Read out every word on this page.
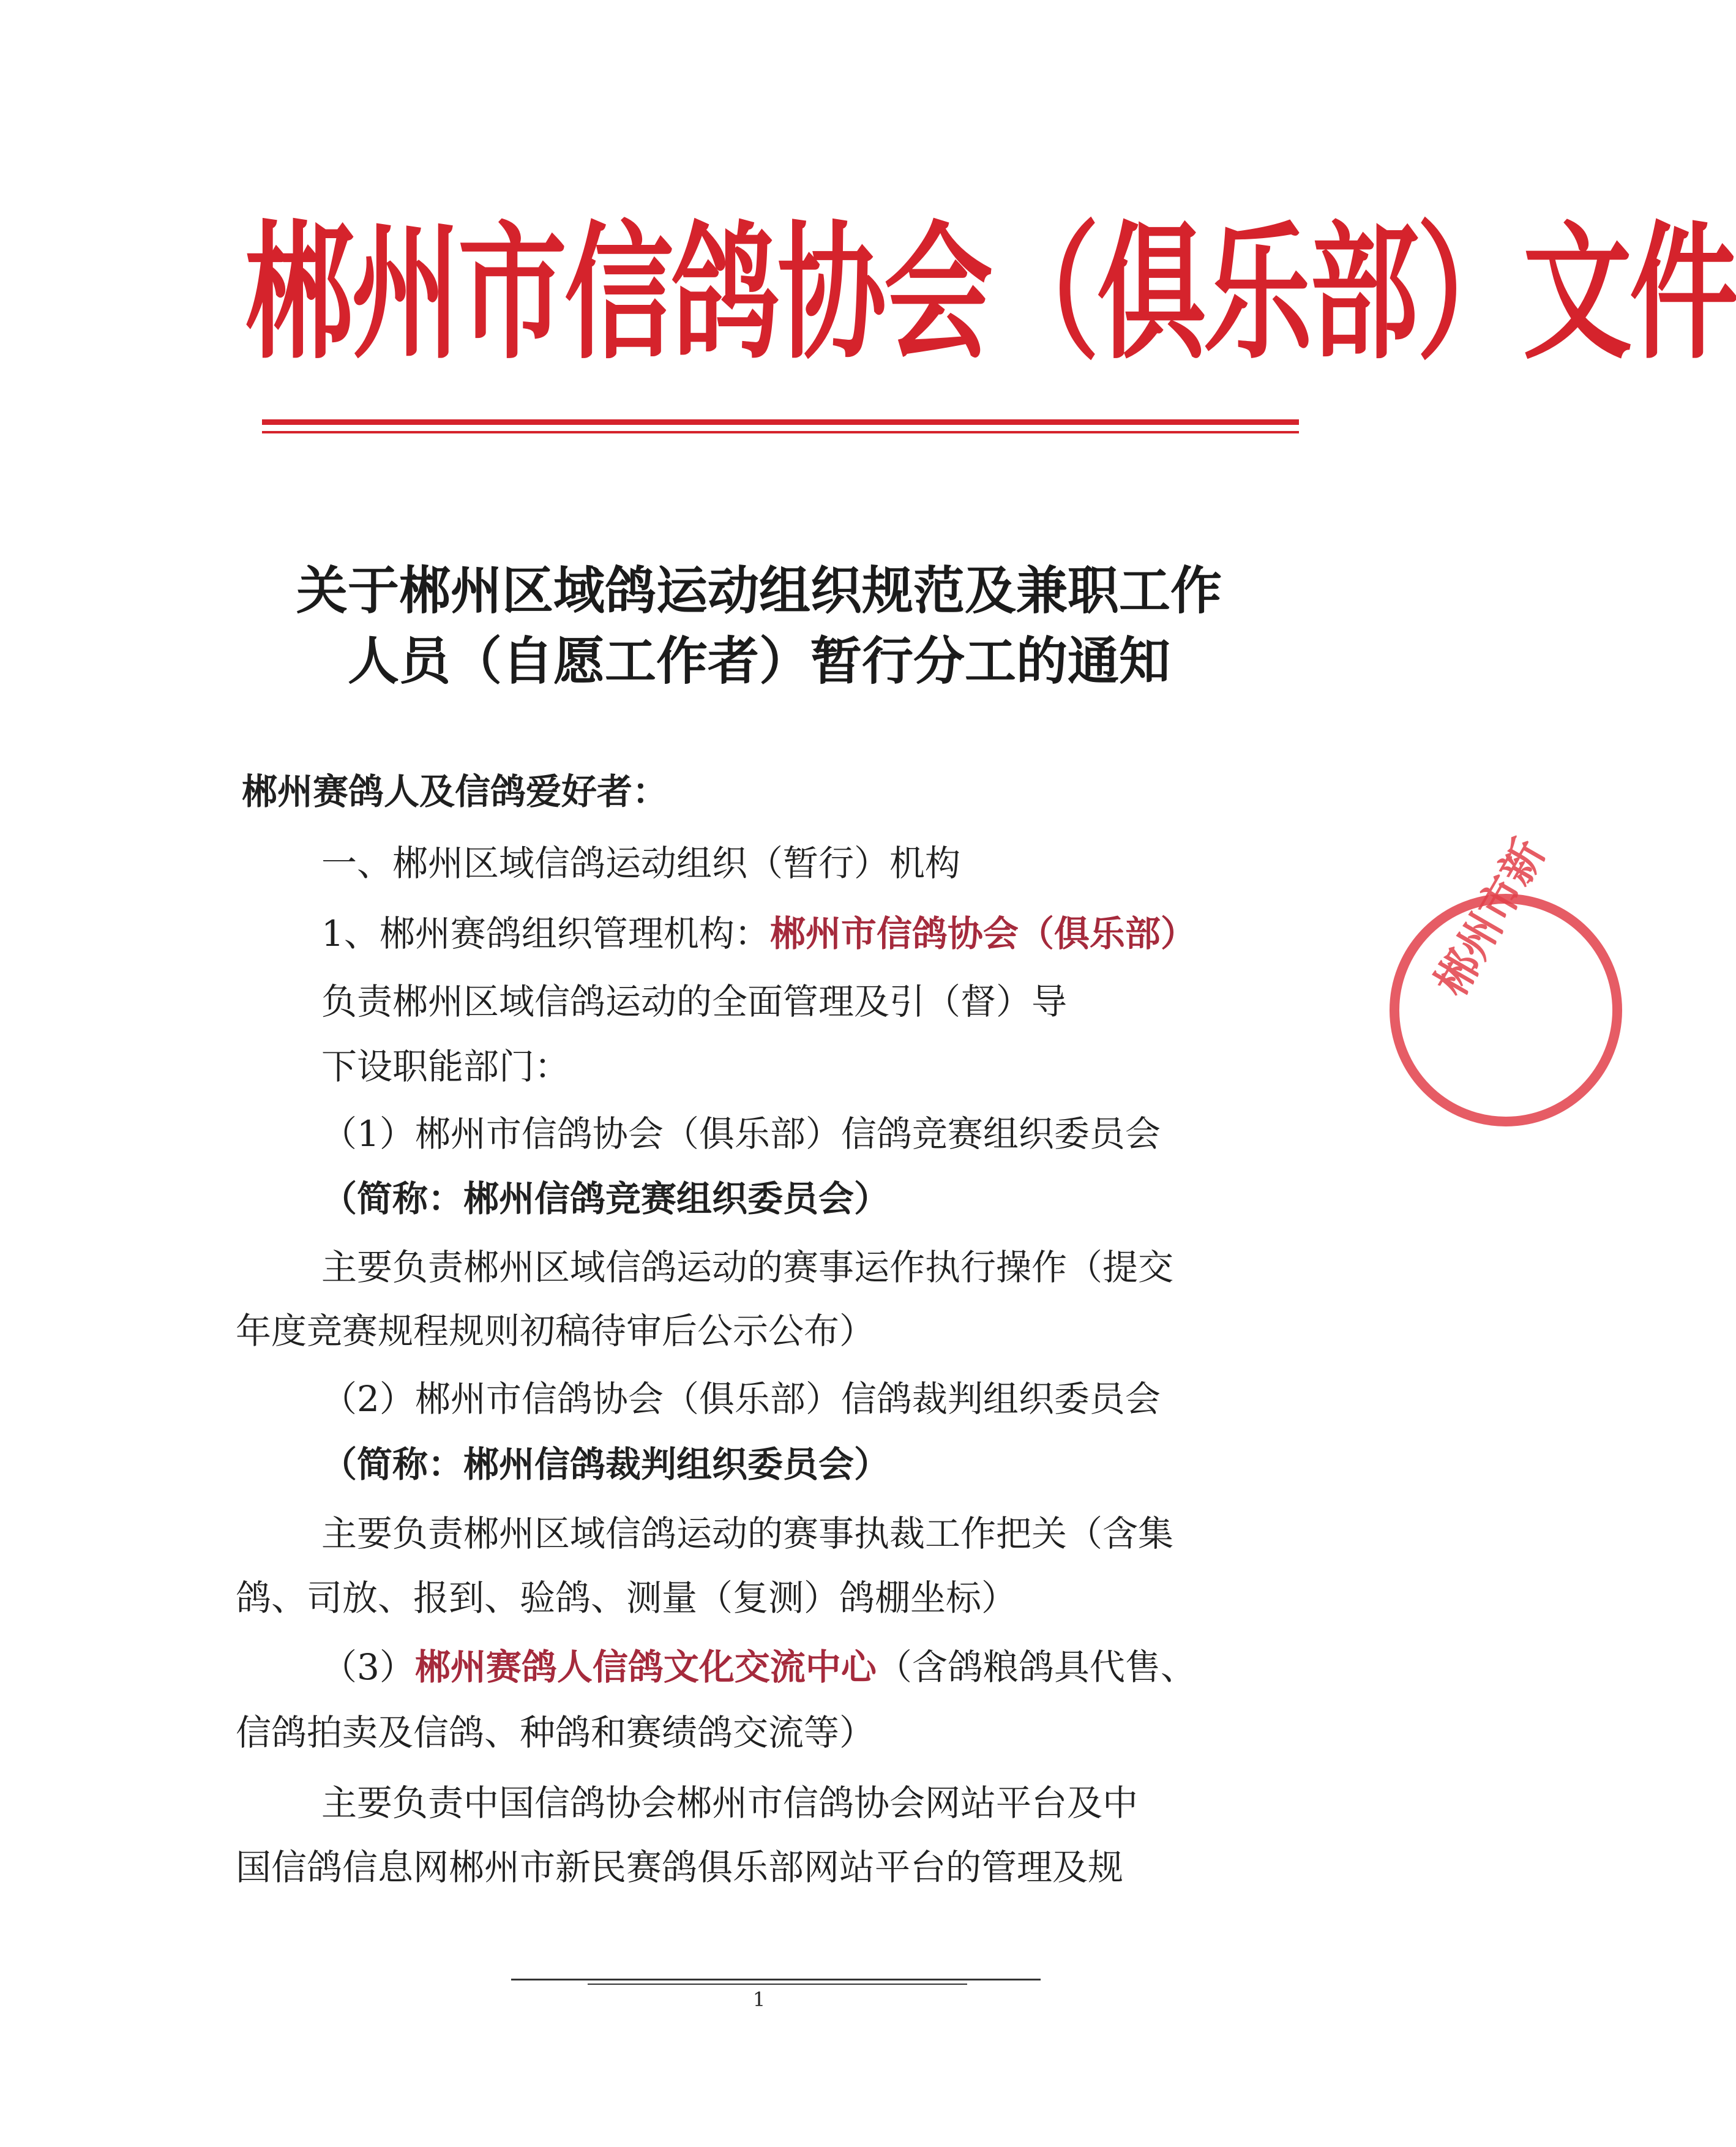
郴州市信鸽协会（俱乐部）文件
关于郴州区域鸽运动组织规范及兼职工作
人员（自愿工作者）暂行分工的通知
郴州赛鸽人及信鸽爱好者：
一、郴州区域信鸽运动组织（暂行）机构
1、郴州赛鸽组织管理机构：郴州市信鸽协会（俱乐部）
负责郴州区域信鸽运动的全面管理及引（督）导
下设职能部门：
（1）郴州市信鸽协会（俱乐部）信鸽竞赛组织委员会
（简称：郴州信鸽竞赛组织委员会）
主要负责郴州区域信鸽运动的赛事运作执行操作（提交
年度竞赛规程规则初稿待审后公示公布）
（2）郴州市信鸽协会（俱乐部）信鸽裁判组织委员会
（简称：郴州信鸽裁判组织委员会）
主要负责郴州区域信鸽运动的赛事执裁工作把关（含集
鸽、司放、报到、验鸽、测量（复测）鸽棚坐标）
（3）郴州赛鸽人信鸽文化交流中心（含鸽粮鸽具代售、
信鸽拍卖及信鸽、种鸽和赛绩鸽交流等）
主要负责中国信鸽协会郴州市信鸽协会网站平台及中
国信鸽信息网郴州市新民赛鸽俱乐部网站平台的管理及规
郴州市新
1
